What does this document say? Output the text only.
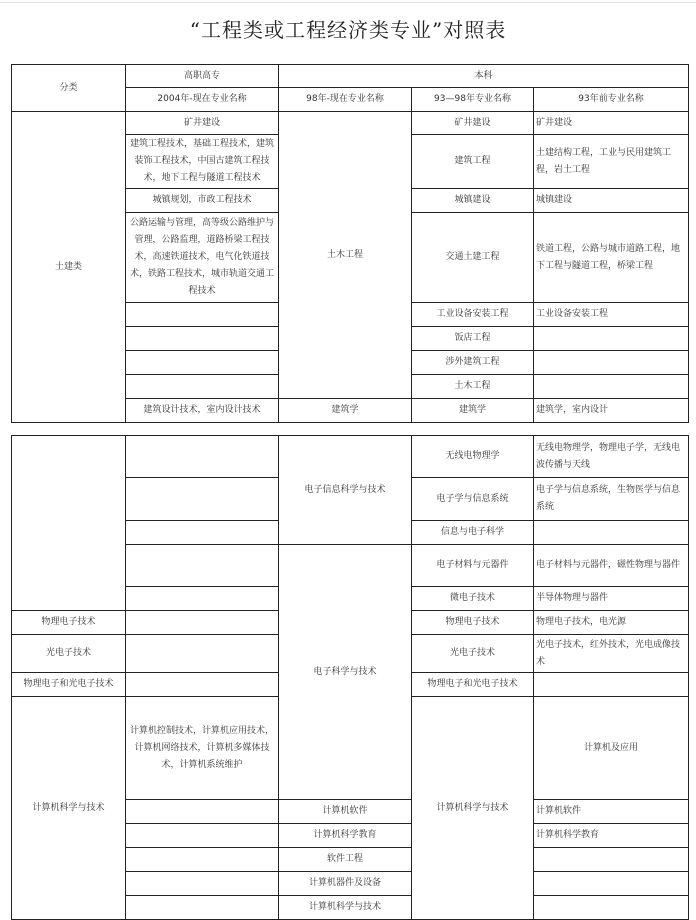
“工程类或工程经济类专业”对照表
分类	高职高专	本科		
	2004年-现在专业名称	98年-现在专业名称	93—98年专业名称	93年前专业名称
土建类	矿井建设	土木工程	矿井建设	矿井建设
	建筑工程技术，基础工程技术，建筑装饰工程技术，中国古建筑工程技术，地下工程与隧道工程技术		建筑工程	土建结构工程，工业与民用建筑工程，岩土工程
	城镇规划，市政工程技术		城镇建设	城镇建设
	公路运输与管理，高等级公路维护与管理，公路监理，道路桥梁工程技术，高速铁道技术，电气化铁道技术，铁路工程技术，城市轨道交通工程技术		交通土建工程	铁道工程，公路与城市道路工程，地下工程与隧道工程，桥梁工程
			工业设备安装工程	工业设备安装工程
			饭店工程	
			涉外建筑工程	
			土木工程	
	建筑设计技术，室内设计技术	建筑学	建筑学	建筑学，室内设计
		电子信息科学与技术	无线电物理学	无线电物理学，物理电子学，无线电波传播与天线	
			电子学与信息系统	电子学与信息系统，生物医学与信息系统	
			信息与电子科学		
		电子科学与技术	电子材料与元器件	电子材料与元器件，磁性物理与器件	
			微电子技术	半导体物理与器件	
物理电子技术			物理电子技术	物理电子技术，电光源	
光电子技术			光电子技术	光电子技术，红外技术，光电成像技术	
物理电子和光电子技术			物理电子和光电子技术		
计算机科学与技术	计算机控制技术，计算机应用技术，计算机网络技术，计算机多媒体技术，计算机系统维护		计算机科学与技术	计算机及应用	
		计算机软件		计算机软件	
		计算机科学教育		计算机科学教育	
		软件工程			
		计算机器件及设备			
		计算机科学与技术			
